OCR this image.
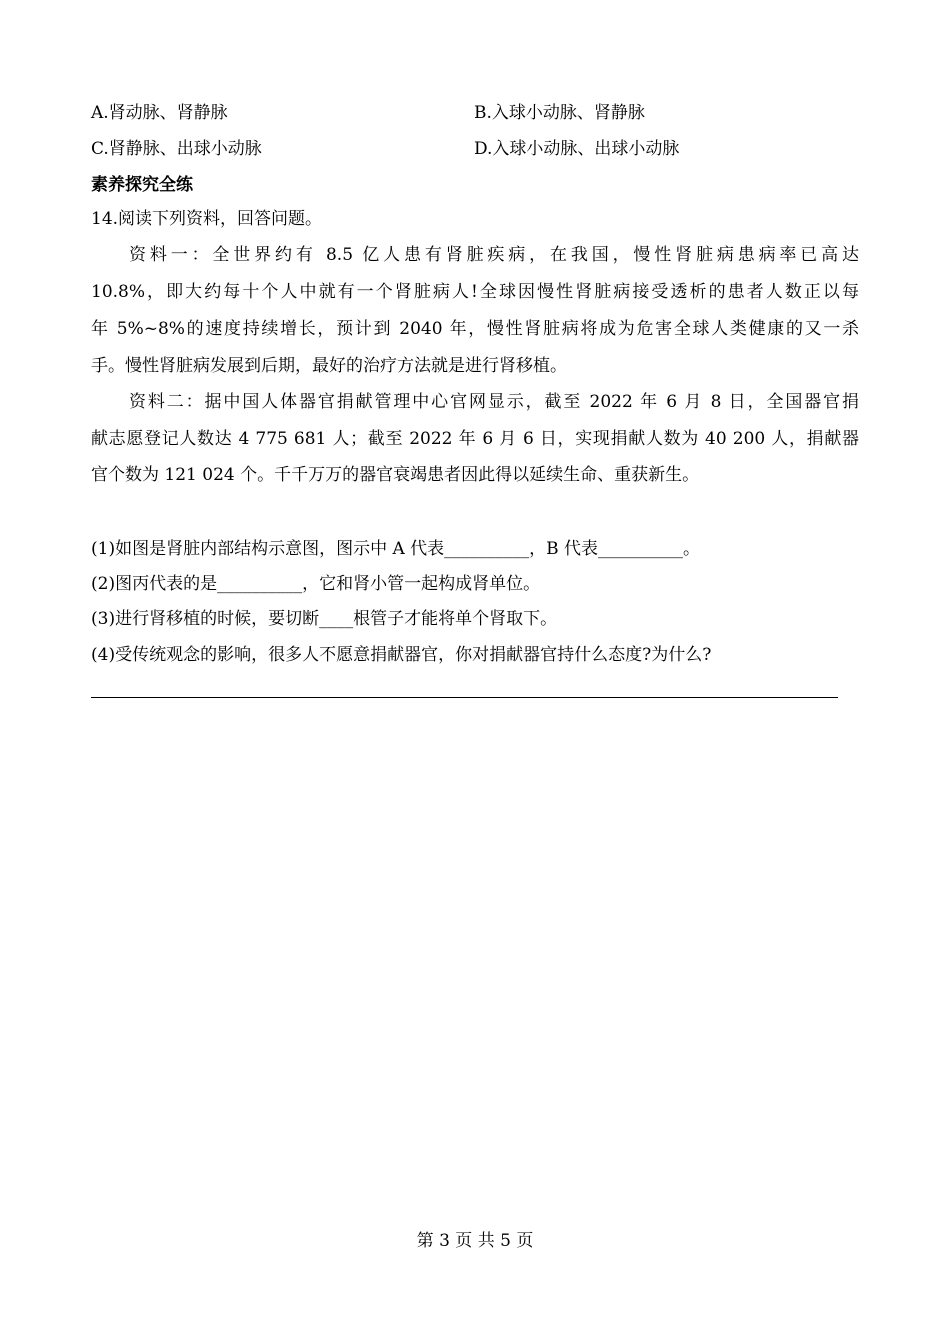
A.肾动脉、肾静脉	B.入球小动脉、肾静脉
C.肾静脉、出球小动脉	D.入球小动脉、出球小动脉
素养探究全练
14.阅读下列资料，回答问题。
资料一：全世界约有 8.5 亿人患有肾脏疾病，在我国，慢性肾脏病患病率已高达
10.8%，即大约每十个人中就有一个肾脏病人!全球因慢性肾脏病接受透析的患者人数正以每
年 5%~8%的速度持续增长，预计到 2040 年，慢性肾脏病将成为危害全球人类健康的又一杀
手。慢性肾脏病发展到后期，最好的治疗方法就是进行肾移植。
资料二：据中国人体器官捐献管理中心官网显示，截至 2022 年 6 月 8 日，全国器官捐
献志愿登记人数达 4 775 681 人；截至 2022 年 6 月 6 日，实现捐献人数为 40 200 人，捐献器
官个数为 121 024 个。千千万万的器官衰竭患者因此得以延续生命、重获新生。
(1)如图是肾脏内部结构示意图，图示中 A 代表__________，B 代表__________。
(2)图丙代表的是__________，它和肾小管一起构成肾单位。
(3)进行肾移植的时候，要切断____根管子才能将单个肾取下。
(4)受传统观念的影响，很多人不愿意捐献器官，你对捐献器官持什么态度?为什么?
第 3 页 共 5 页
